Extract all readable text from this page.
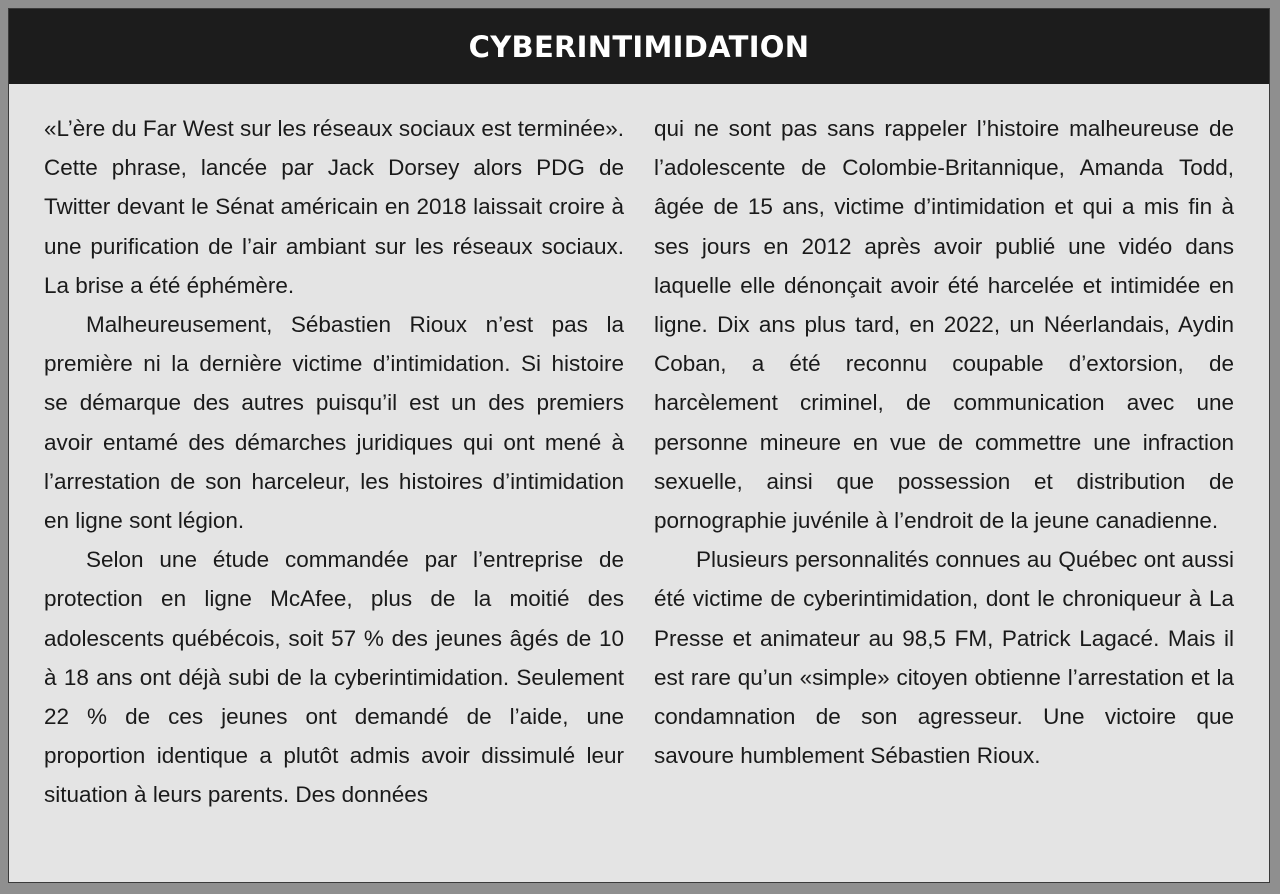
CYBERINTIMIDATION

«L’ère du Far West sur les réseaux sociaux est terminée». Cette phrase, lancée par Jack Dorsey alors PDG de Twitter devant le Sénat américain en 2018 laissait croire à une purification de l’air ambiant sur les réseaux sociaux. La brise a été éphémère.

Malheureusement, Sébastien Rioux n’est pas la première ni la dernière victime d’intimidation. Si histoire se démarque des autres puisqu’il est un des premiers avoir entamé des démarches juridiques qui ont mené à l’arrestation de son harceleur, les histoires d’intimidation en ligne sont légion.

Selon une étude commandée par l’entreprise de protection en ligne McAfee, plus de la moitié des adolescents québécois, soit 57 % des jeunes âgés de 10 à 18 ans ont déjà subi de la cyberintimidation. Seulement 22 % de ces jeunes ont demandé de l’aide, une proportion identique a plutôt admis avoir dissimulé leur situation à leurs parents. Des données

qui ne sont pas sans rappeler l’histoire malheureuse de l’adolescente de Colombie-Britannique, Amanda Todd, âgée de 15 ans, victime d’intimidation et qui a mis fin à ses jours en 2012 après avoir publié une vidéo dans laquelle elle dénonçait avoir été harcelée et intimidée en ligne. Dix ans plus tard, en 2022, un Néerlandais, Aydin Coban, a été reconnu coupable d’extorsion, de harcèlement criminel, de communication avec une personne mineure en vue de commettre une infraction sexuelle, ainsi que possession et distribution de pornographie juvénile à l’endroit de la jeune canadienne.

Plusieurs personnalités connues au Québec ont aussi été victime de cyberintimidation, dont le chroniqueur à La Presse et animateur au 98,5 FM, Patrick Lagacé. Mais il est rare qu’un «simple» citoyen obtienne l’arrestation et la condamnation de son agresseur. Une victoire que savoure humblement Sébastien Rioux.
